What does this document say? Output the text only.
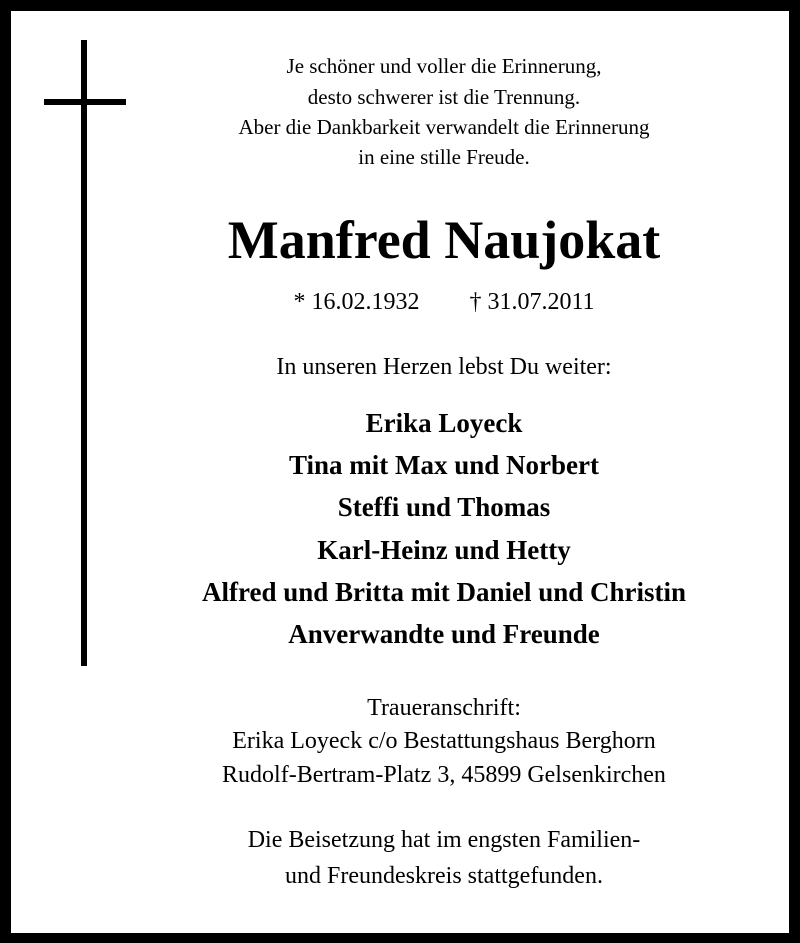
Je schöner und voller die Erinnerung,
desto schwerer ist die Trennung.
Aber die Dankbarkeit verwandelt die Erinnerung
in eine stille Freude.
Manfred Naujokat
* 16.02.1932 † 31.07.2011
In unseren Herzen lebst Du weiter:
Erika Loyeck
Tina mit Max und Norbert
Steffi und Thomas
Karl-Heinz und Hetty
Alfred und Britta mit Daniel und Christin
Anverwandte und Freunde
Traueranschrift:
Erika Loyeck c/o Bestattungshaus Berghorn
Rudolf-Bertram-Platz 3, 45899 Gelsenkirchen
Die Beisetzung hat im engsten Familien-
und Freundeskreis stattgefunden.
